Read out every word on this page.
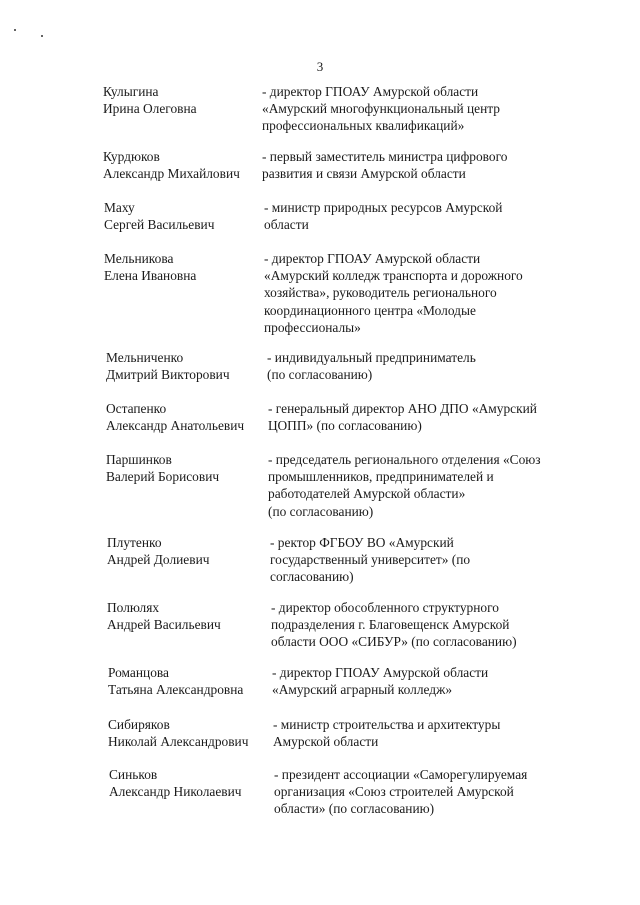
3
Кулыгина
Ирина Олеговна
- директор ГПОАУ Амурской области
«Амурский многофункциональный центр
профессиональных квалификаций»
Курдюков
Александр Михайлович
- первый заместитель министра цифрового
развития и связи Амурской области
Маху
Сергей Васильевич
- министр природных ресурсов Амурской
области
Мельникова
Елена Ивановна
- директор ГПОАУ Амурской области
«Амурский колледж транспорта и дорожного
хозяйства», руководитель регионального
координационного центра «Молодые
профессионалы»
Мельниченко
Дмитрий Викторович
- индивидуальный предприниматель
(по согласованию)
Остапенко
Александр Анатольевич
- генеральный директор АНО ДПО «Амурский
ЦОПП» (по согласованию)
Паршинков
Валерий Борисович
- председатель регионального отделения «Союз
промышленников, предпринимателей и
работодателей Амурской области»
(по согласованию)
Плутенко
Андрей Долиевич
- ректор ФГБОУ ВО «Амурский
государственный университет» (по
согласованию)
Полюлях
Андрей Васильевич
- директор обособленного структурного
подразделения г. Благовещенск Амурской
области ООО «СИБУР» (по согласованию)
Романцова
Татьяна Александровна
- директор ГПОАУ Амурской области
«Амурский аграрный колледж»
Сибиряков
Николай Александрович
- министр строительства и архитектуры
Амурской области
Синьков
Александр Николаевич
- президент ассоциации «Саморегулируемая
организация «Союз строителей Амурской
области» (по согласованию)
